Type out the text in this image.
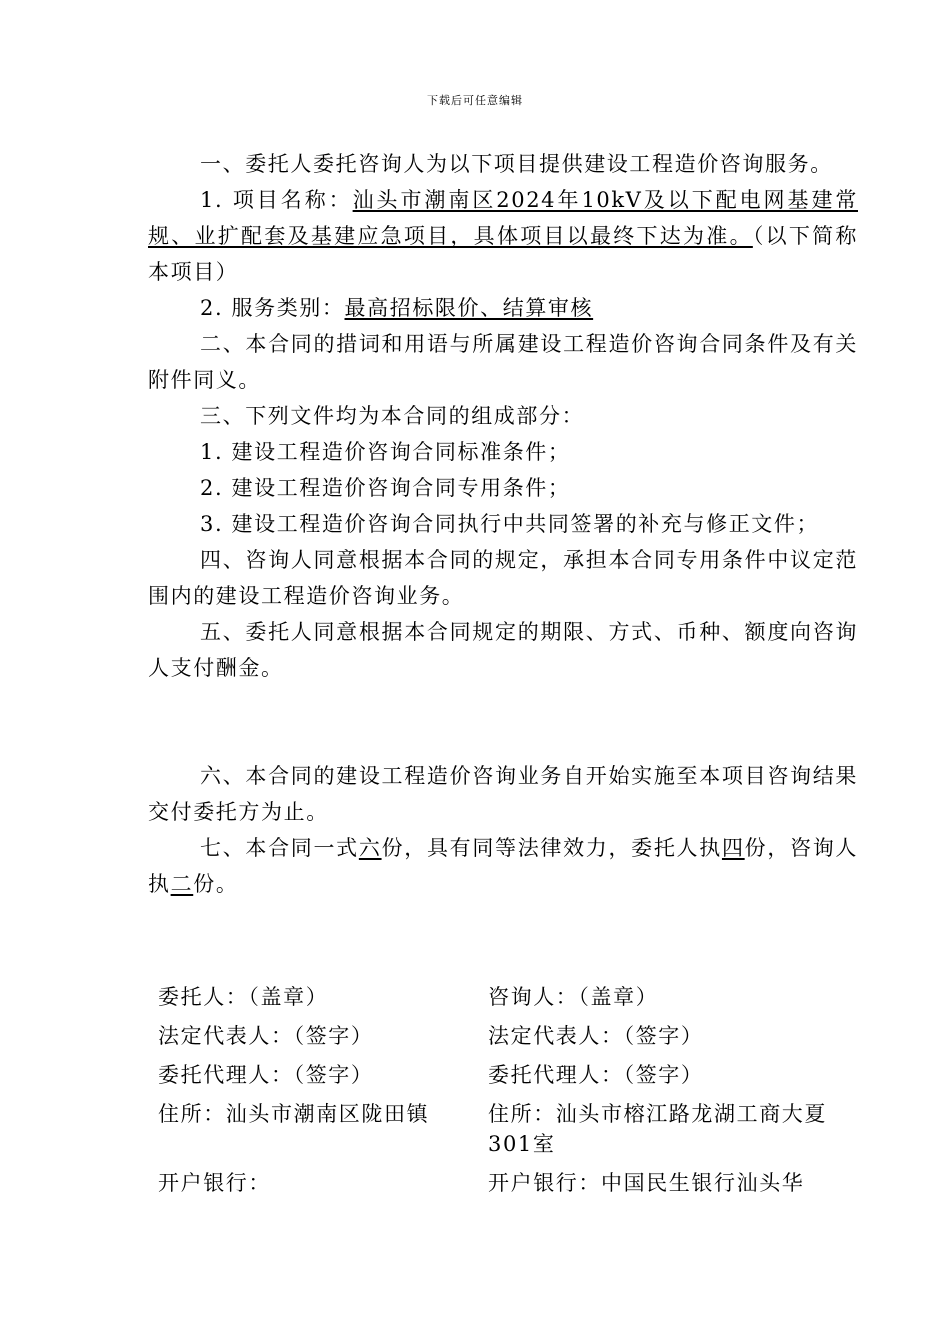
下载后可任意编辑

一、委托人委托咨询人为以下项目提供建设工程造价咨询服务。

1. 项目名称：汕头市潮南区2024年10kV及以下配电网基建常规、业扩配套及基建应急项目，具体项目以最终下达为准。（以下简称本项目）

2. 服务类别：最高招标限价、结算审核

二、本合同的措词和用语与所属建设工程造价咨询合同条件及有关附件同义。

三、下列文件均为本合同的组成部分：

1. 建设工程造价咨询合同标准条件；

2. 建设工程造价咨询合同专用条件；

3. 建设工程造价咨询合同执行中共同签署的补充与修正文件；

四、咨询人同意根据本合同的规定，承担本合同专用条件中议定范围内的建设工程造价咨询业务。

五、委托人同意根据本合同规定的期限、方式、币种、额度向咨询人支付酬金。

六、本合同的建设工程造价咨询业务自开始实施至本项目咨询结果交付委托方为止。

七、本合同一式六份，具有同等法律效力，委托人执四份，咨询人执二份。

委托人：（盖章）	咨询人：（盖章）

法定代表人：（签字）	法定代表人：（签字）

委托代理人：（签字）	委托代理人：（签字）

住所：汕头市潮南区陇田镇	住所：汕头市榕江路龙湖工商大夏301室

开户银行：	开户银行：中国民生银行汕头华
